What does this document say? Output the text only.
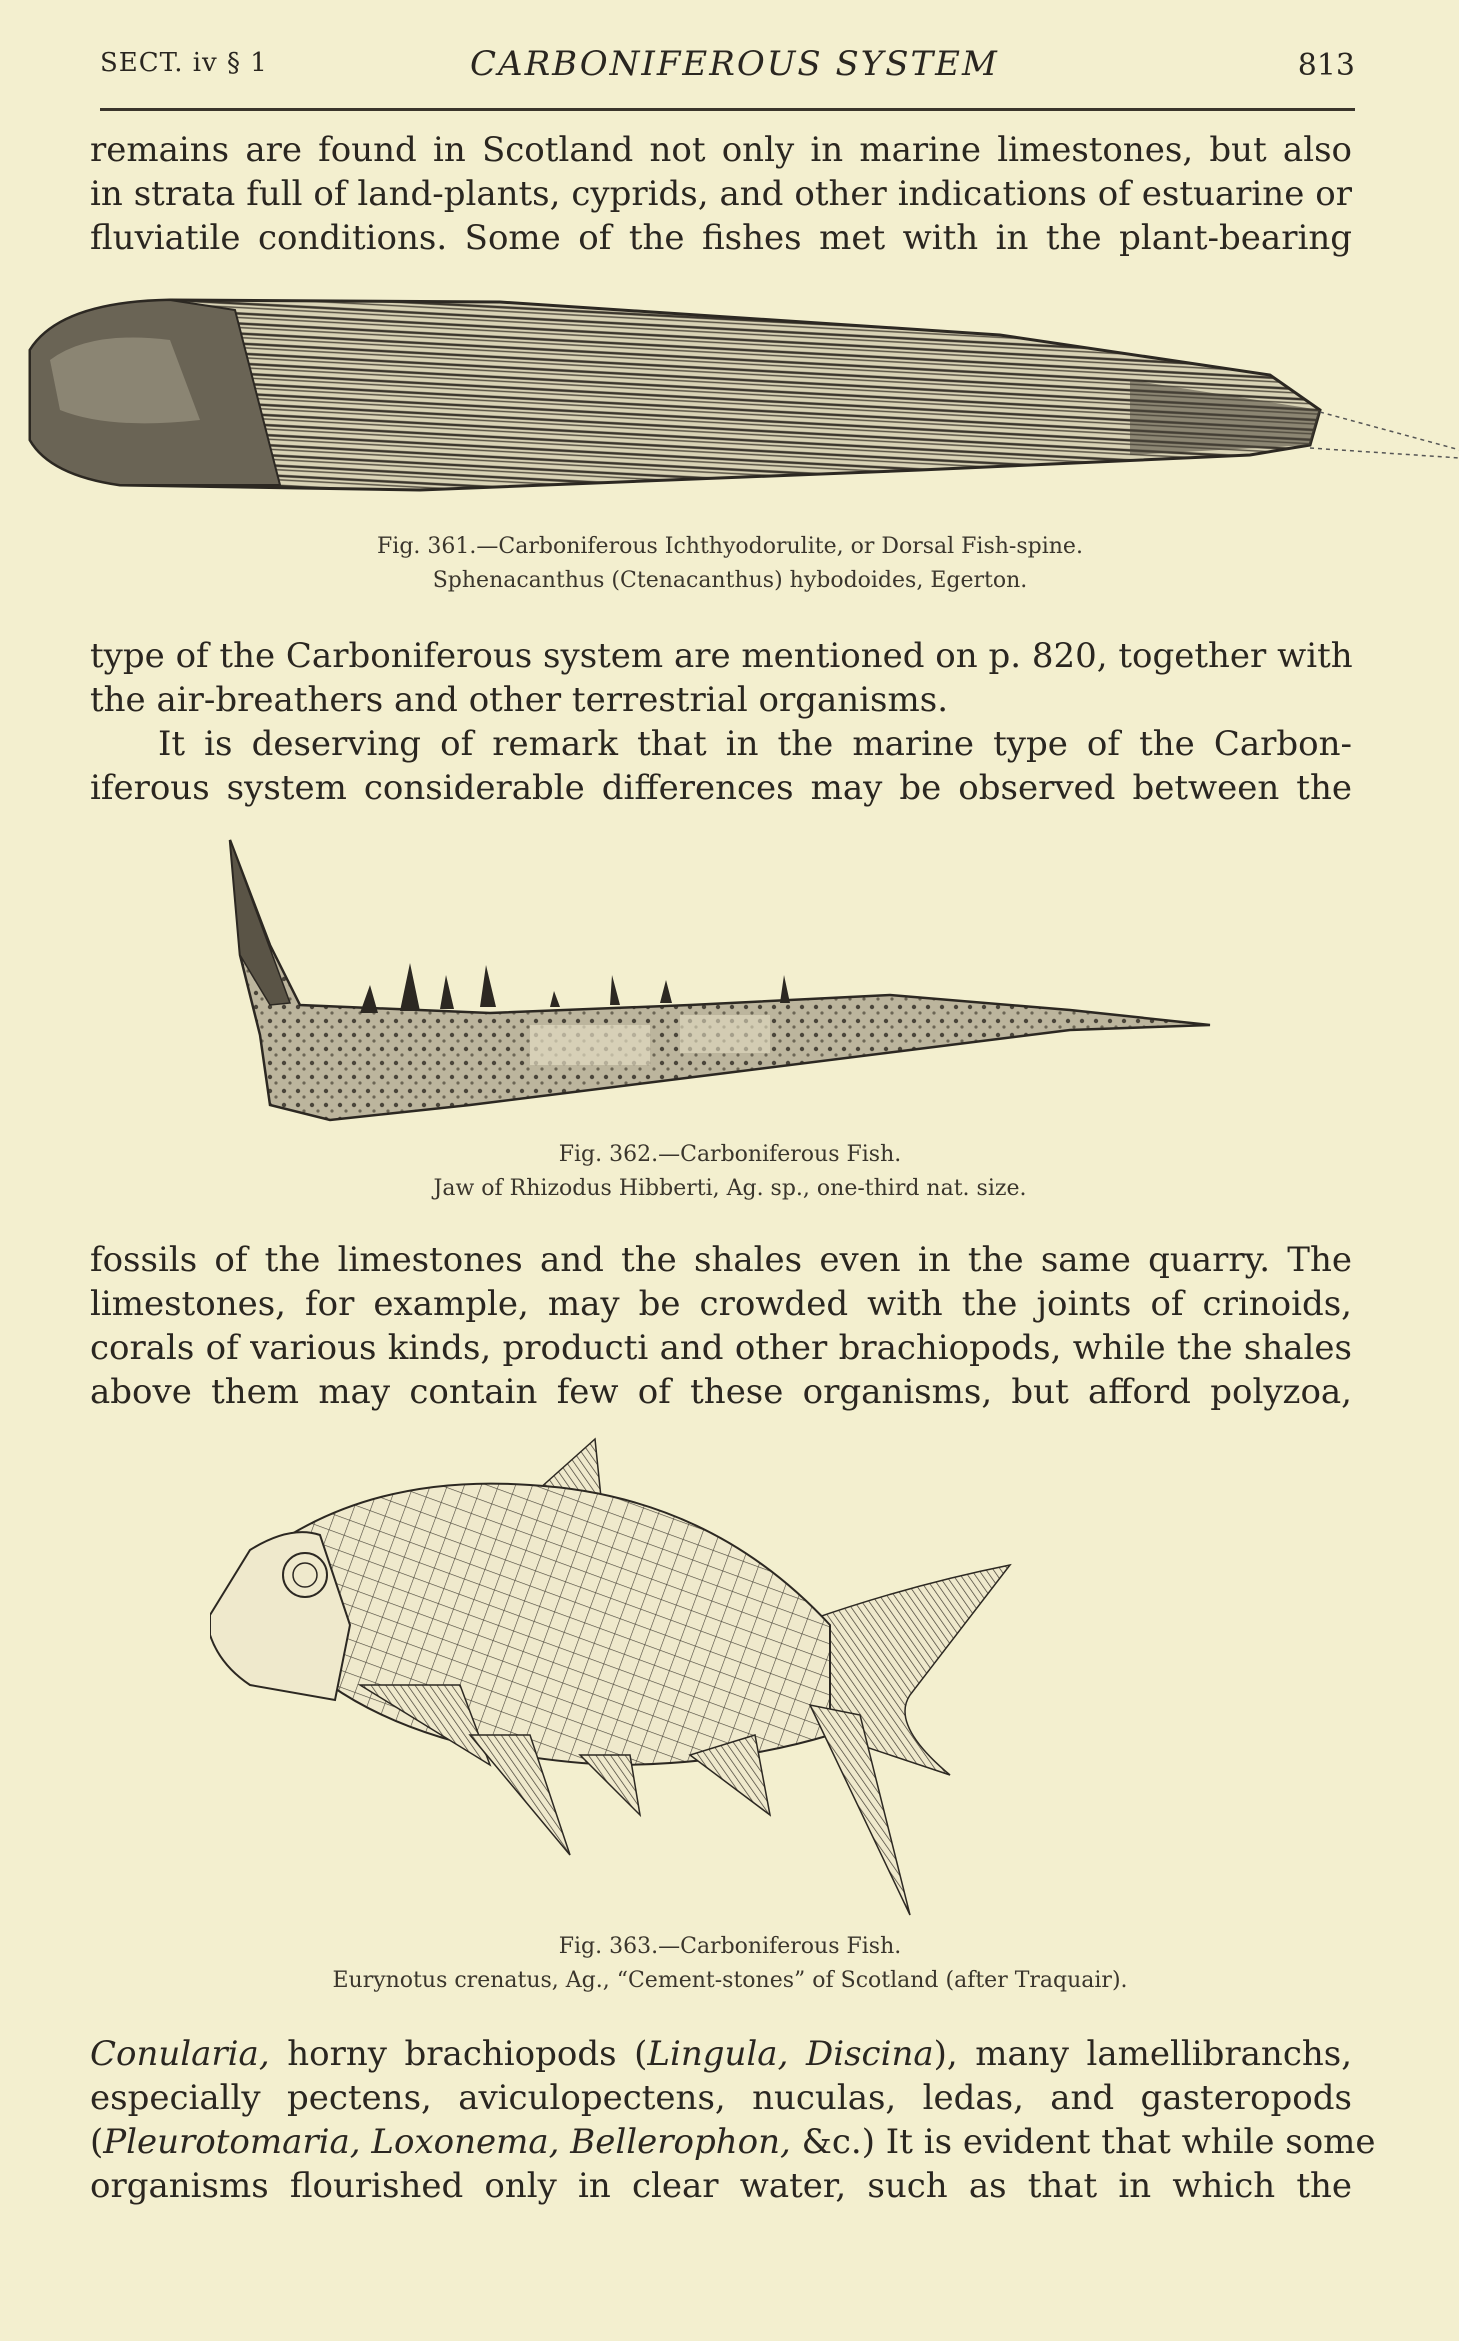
SECT. iv § 1	CARBONIFEROUS SYSTEM	813
remains are found in Scotland not only in marine limestones, but also
in strata full of land-plants, cyprids, and other indications of estuarine or
fluviatile conditions. Some of the fishes met with in the plant-bearing
Fig. 361.—Carboniferous Ichthyodorulite, or Dorsal Fish-spine.
Sphenacanthus (Ctenacanthus) hybodoides, Egerton.
type of the Carboniferous system are mentioned on p. 820, together with
the air-breathers and other terrestrial organisms.
It is deserving of remark that in the marine type of the Carbon-
iferous system considerable differences may be observed between the
Fig. 362.—Carboniferous Fish.
Jaw of Rhizodus Hibberti, Ag. sp., one-third nat. size.
fossils of the limestones and the shales even in the same quarry. The
limestones, for example, may be crowded with the joints of crinoids,
corals of various kinds, producti and other brachiopods, while the shales
above them may contain few of these organisms, but afford polyzoa,
Fig. 363.—Carboniferous Fish.
Eurynotus crenatus, Ag., “Cement-stones” of Scotland (after Traquair).
Conularia, horny brachiopods (Lingula, Discina), many lamellibranchs,
especially pectens, aviculopectens, nuculas, ledas, and gasteropods
(Pleurotomaria, Loxonema, Bellerophon, &c.) It is evident that while some
organisms flourished only in clear water, such as that in which the
